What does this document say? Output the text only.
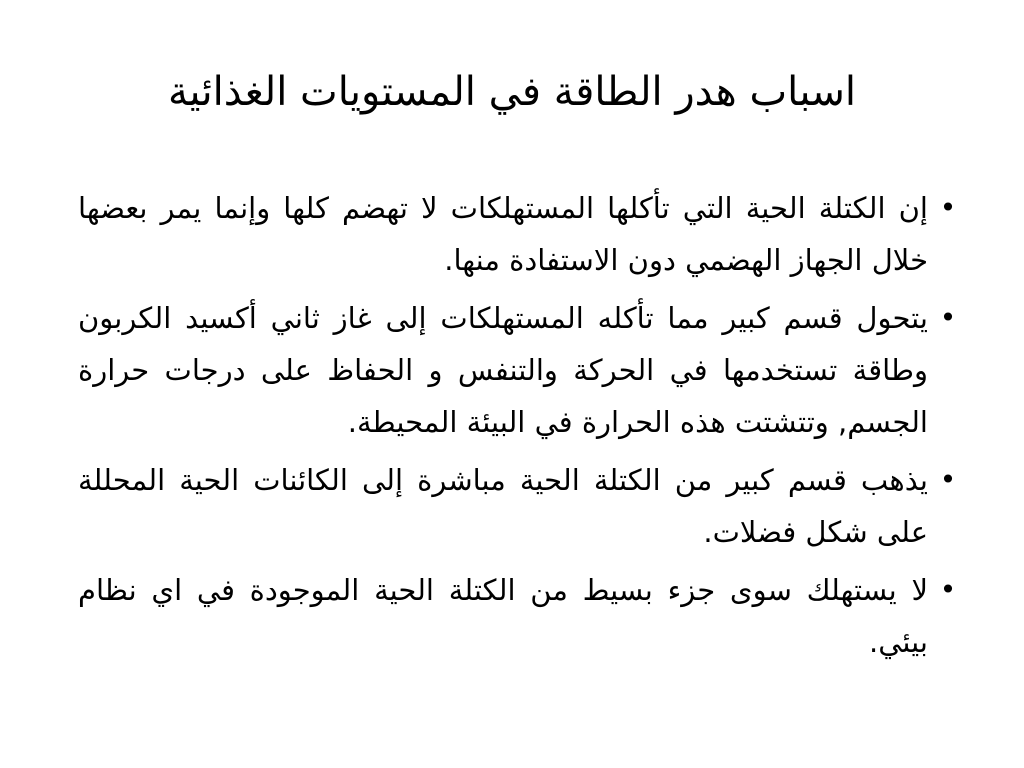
اسباب هدر الطاقة في المستويات الغذائية
•
إن الكتلة الحية التي تأكلها المستهلكات لا تهضم كلها وإنما يمر بعضها خلال الجهاز الهضمي دون الاستفادة منها.
•
يتحول قسم كبير مما تأكله المستهلكات إلى غاز ثاني أكسيد الكربون وطاقة تستخدمها في الحركة والتنفس و الحفاظ على درجات حرارة الجسم, وتتشتت هذه الحرارة في البيئة المحيطة.
•
يذهب قسم كبير من الكتلة الحية مباشرة إلى الكائنات الحية المحللة على شكل فضلات.
•
لا يستهلك سوى جزء بسيط من الكتلة الحية الموجودة في اي نظام بيئي.
